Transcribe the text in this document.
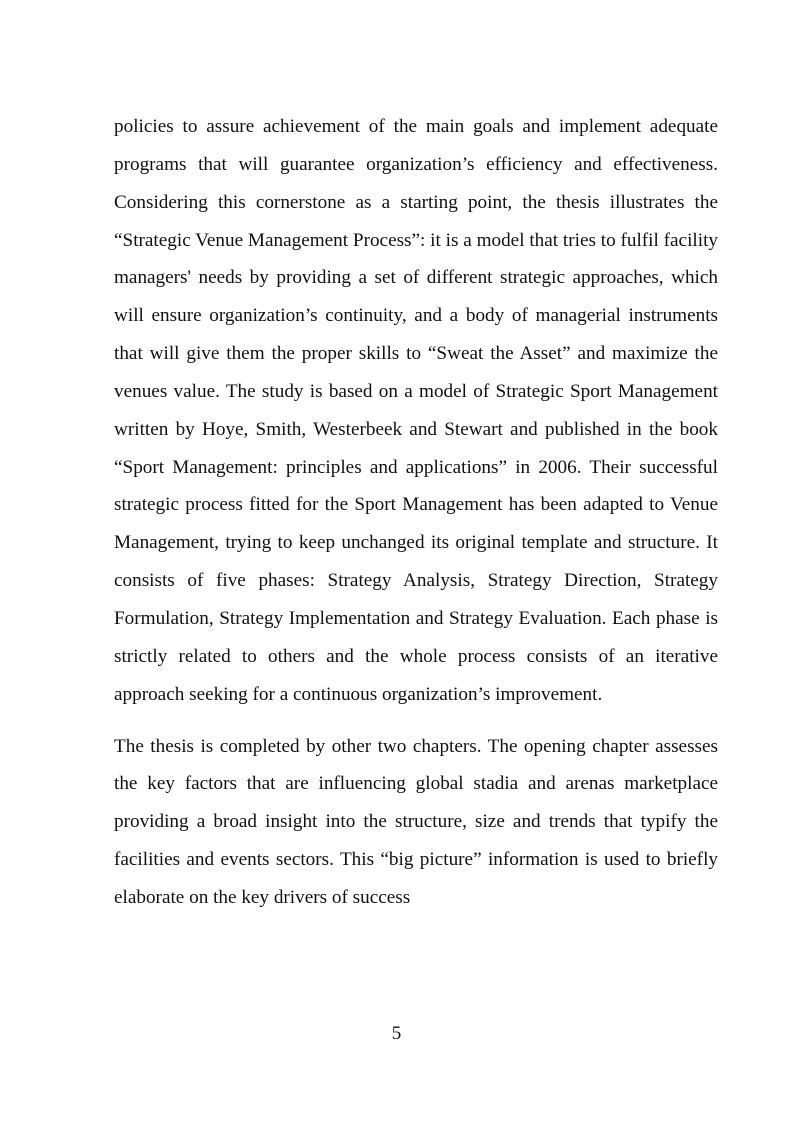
policies to assure achievement of the main goals and implement adequate programs that will guarantee organization’s efficiency and effectiveness. Considering this cornerstone as a starting point, the thesis illustrates the “Strategic Venue Management Process”: it is a model that tries to fulfil facility managers' needs by providing a set of different strategic approaches, which will ensure organization’s continuity, and a body of managerial instruments that will give them the proper skills to “Sweat the Asset” and maximize the venues value. The study is based on a model of Strategic Sport Management written by Hoye, Smith, Westerbeek and Stewart and published in the book “Sport Management: principles and applications” in 2006. Their successful strategic process fitted for the Sport Management has been adapted to Venue Management, trying to keep unchanged its original template and structure. It consists of five phases: Strategy Analysis, Strategy Direction, Strategy Formulation, Strategy Implementation and Strategy Evaluation. Each phase is strictly related to others and the whole process consists of an iterative approach seeking for a continuous organization’s improvement.

The thesis is completed by other two chapters. The opening chapter assesses the key factors that are influencing global stadia and arenas marketplace providing a broad insight into the structure, size and trends that typify the facilities and events sectors. This “big picture” information is used to briefly elaborate on the key drivers of success

5
